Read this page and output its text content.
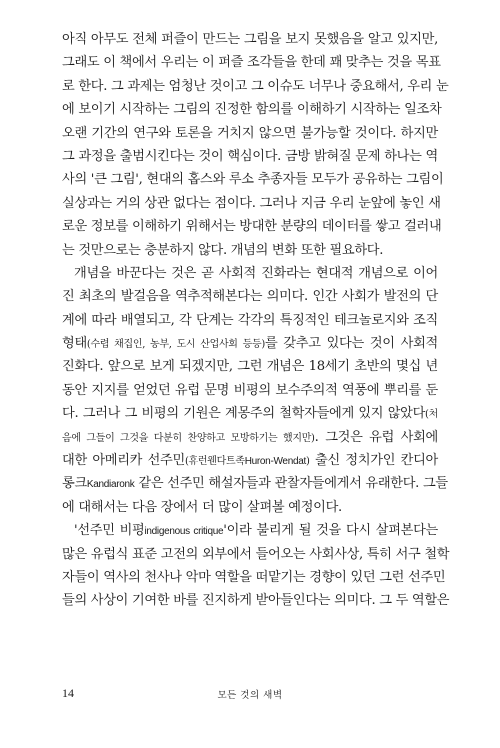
아직 아무도 전체 퍼즐이 만드는 그림을 보지 못했음을 알고 있지만,
그래도 이 책에서 우리는 이 퍼즐 조각들을 한데 꽤 맞추는 것을 목표
로 한다. 그 과제는 엄청난 것이고 그 이슈도 너무나 중요해서, 우리 눈
에 보이기 시작하는 그림의 진정한 함의를 이해하기 시작하는 일조차
오랜 기간의 연구와 토론을 거치지 않으면 불가능할 것이다. 하지만
그 과정을 출범시킨다는 것이 핵심이다. 금방 밝혀질 문제 하나는 역
사의 '큰 그림', 현대의 홉스와 루소 추종자들 모두가 공유하는 그림이
실상과는 거의 상관 없다는 점이다. 그러나 지금 우리 눈앞에 놓인 새
로운 정보를 이해하기 위해서는 방대한 분량의 데이터를 쌓고 걸러내
는 것만으로는 충분하지 않다. 개념의 변화 또한 필요하다.
개념을 바꾼다는 것은 곧 사회적 진화라는 현대적 개념으로 이어
진 최초의 발걸음을 역추적해본다는 의미다. 인간 사회가 발전의 단
계에 따라 배열되고, 각 단계는 각각의 특징적인 테크놀로지와 조직
형태(수렵 채집인, 농부, 도시 산업사회 등등)를 갖추고 있다는 것이 사회적
진화다. 앞으로 보게 되겠지만, 그런 개념은 18세기 초반의 몇십 년
동안 지지를 얻었던 유럽 문명 비평의 보수주의적 역풍에 뿌리를 둔
다. 그러나 그 비평의 기원은 계몽주의 철학자들에게 있지 않았다(처
음에 그들이 그것을 다분히 찬양하고 모방하기는 했지만). 그것은 유럽 사회에
대한 아메리카 선주민(휴런웬다트족Huron-Wendat) 출신 정치가인 칸디아
롱크Kandiaronk 같은 선주민 해설자들과 관찰자들에게서 유래한다. 그들
에 대해서는 다음 장에서 더 많이 살펴볼 예정이다.
'선주민 비평indigenous critique'이라 불리게 될 것을 다시 살펴본다는
많은 유럽식 표준 고전의 외부에서 들어오는 사회사상, 특히 서구 철학
자들이 역사의 천사나 악마 역할을 떠맡기는 경향이 있던 그런 선주민
들의 사상이 기여한 바를 진지하게 받아들인다는 의미다. 그 두 역할은
14	모든 것의 새벽
